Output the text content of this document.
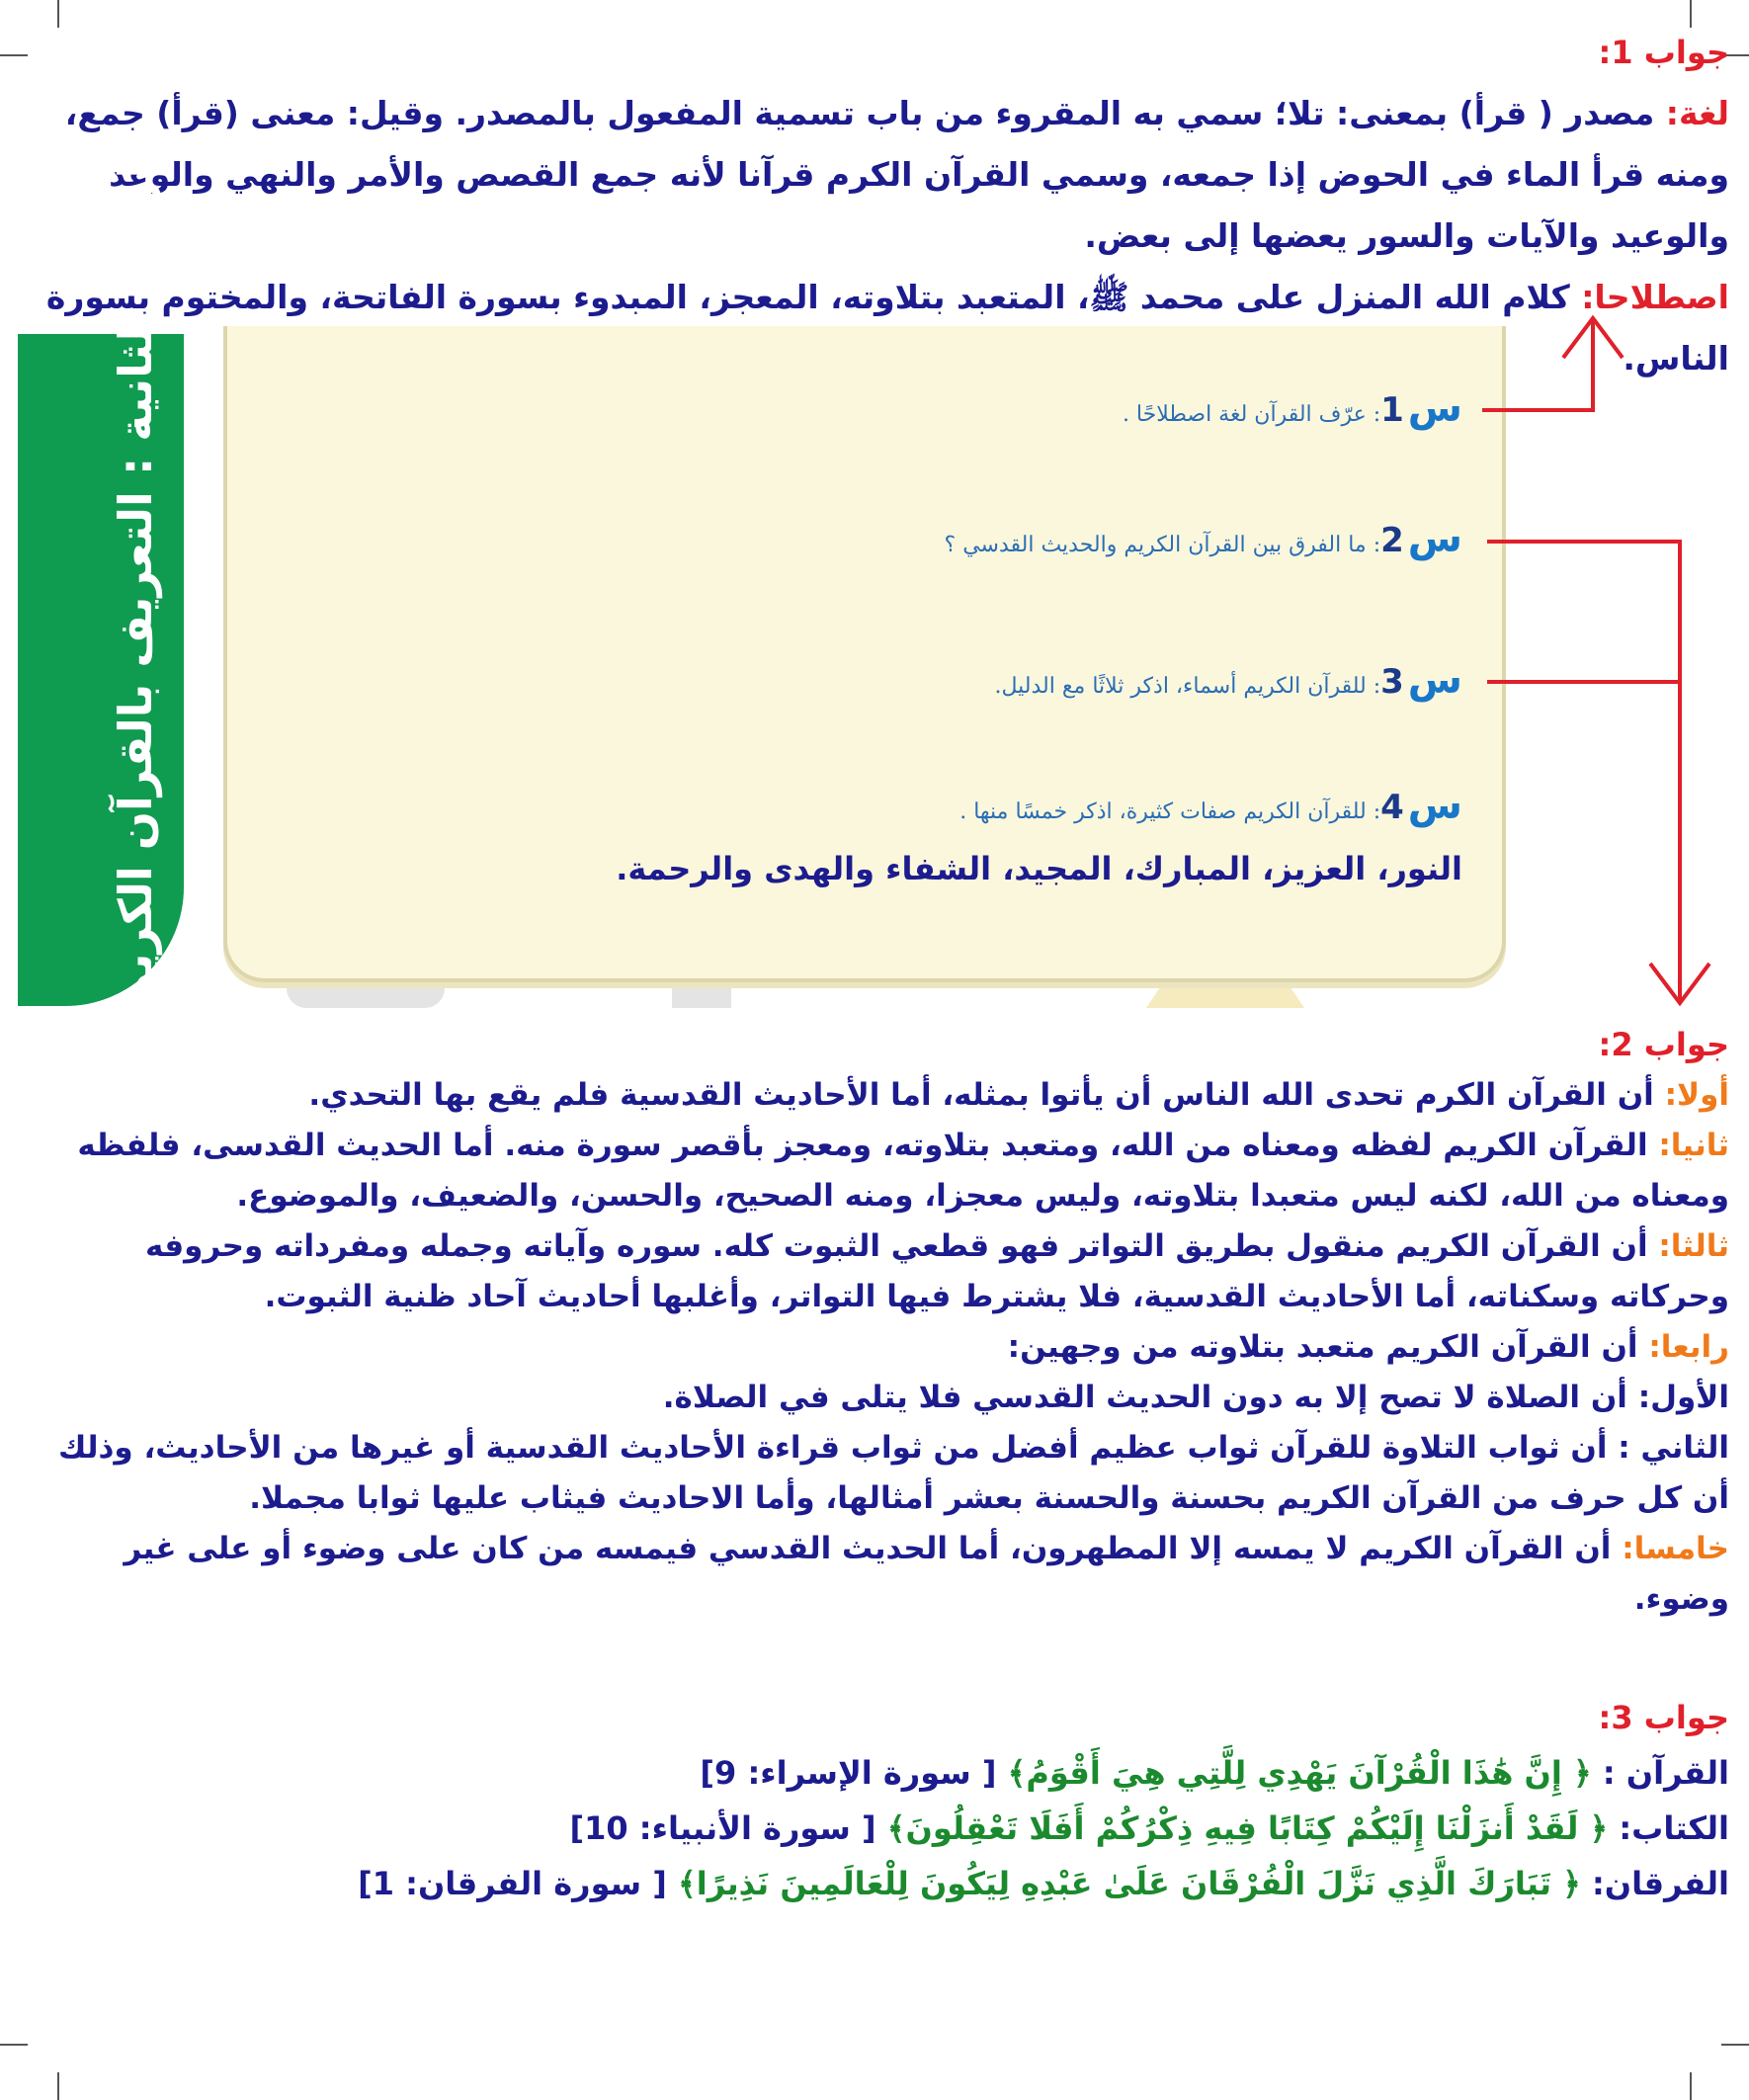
جواب 1:

لغة: مصدر ( قرأ) بمعنى: تلا؛ سمي به المقروء من باب تسمية المفعول بالمصدر. وقيل: معنى (قرأ) جمع، ومنه قرأ الماء في الحوض إذا جمعه، وسمي القرآن الكرم قرآنا لأنه جمع القصص والأمر والنهي والوعد والوعيد والآيات والسور يعضها إلى بعض.

اصطلاحا: كلام الله المنزل على محمد ﷺ، المتعبد بتلاوته، المعجز، المبدوء بسورة الفاتحة، والمختوم بسورة الناس.

الوحدة الثانية : التعريف بالقرآن الكريم	س1: عرّف القرآن لغة اصطلاحًا .
س2: ما الفرق بين القرآن الكريم والحديث القدسي ؟
س3: للقرآن الكريم أسماء، اذكر ثلاثًا مع الدليل.
س4: للقرآن الكريم صفات كثيرة، اذكر خمسًا منها .
النور، العزيز، المبارك، المجيد، الشفاء والهدى والرحمة.
جواب 2:

أولا: أن القرآن الكرم تحدى الله الناس أن يأتوا بمثله، أما الأحاديث القدسية فلم يقع بها التحدي.

ثانيا: القرآن الكريم لفظه ومعناه من الله، ومتعبد بتلاوته، ومعجز بأقصر سورة منه. أما الحديث القدسى، فلفظه ومعناه من الله، لكنه ليس متعبدا بتلاوته، وليس معجزا، ومنه الصحيح، والحسن، والضعيف، والموضوع.

ثالثا: أن القرآن الكريم منقول بطريق التواتر فهو قطعي الثبوت كله. سوره وآياته وجمله ومفرداته وحروفه وحركاته وسكناته، أما الأحاديث القدسية، فلا يشترط فيها التواتر، وأغلبها أحاديث آحاد ظنية الثبوت.

رابعا: أن القرآن الكريم متعبد بتلاوته من وجهين:

الأول: أن الصلاة لا تصح إلا به دون الحديث القدسي فلا يتلى في الصلاة.

الثاني : أن ثواب التلاوة للقرآن ثواب عظيم أفضل من ثواب قراءة الأحاديث القدسية أو غيرها من الأحاديث، وذلك أن كل حرف من القرآن الكريم بحسنة والحسنة بعشر أمثالها، وأما الاحاديث فيثاب عليها ثوابا مجملا.

خامسا: أن القرآن الكريم لا يمسه إلا المطهرون، أما الحديث القدسي فيمسه من كان على وضوء أو على غير وضوء.

جواب 3:

القرآن : ﴿ إِنَّ هَٰذَا الْقُرْآنَ يَهْدِي لِلَّتِي هِيَ أَقْوَمُ﴾ [ سورة الإسراء: 9]

الكتاب: ﴿ لَقَدْ أَنزَلْنَا إِلَيْكُمْ كِتَابًا فِيهِ ذِكْرُكُمْ أَفَلَا تَعْقِلُونَ﴾ [ سورة الأنبياء: 10]

الفرقان: ﴿ تَبَارَكَ الَّذِي نَزَّلَ الْفُرْقَانَ عَلَىٰ عَبْدِهِ لِيَكُونَ لِلْعَالَمِينَ نَذِيرًا﴾ [ سورة الفرقان: 1]
